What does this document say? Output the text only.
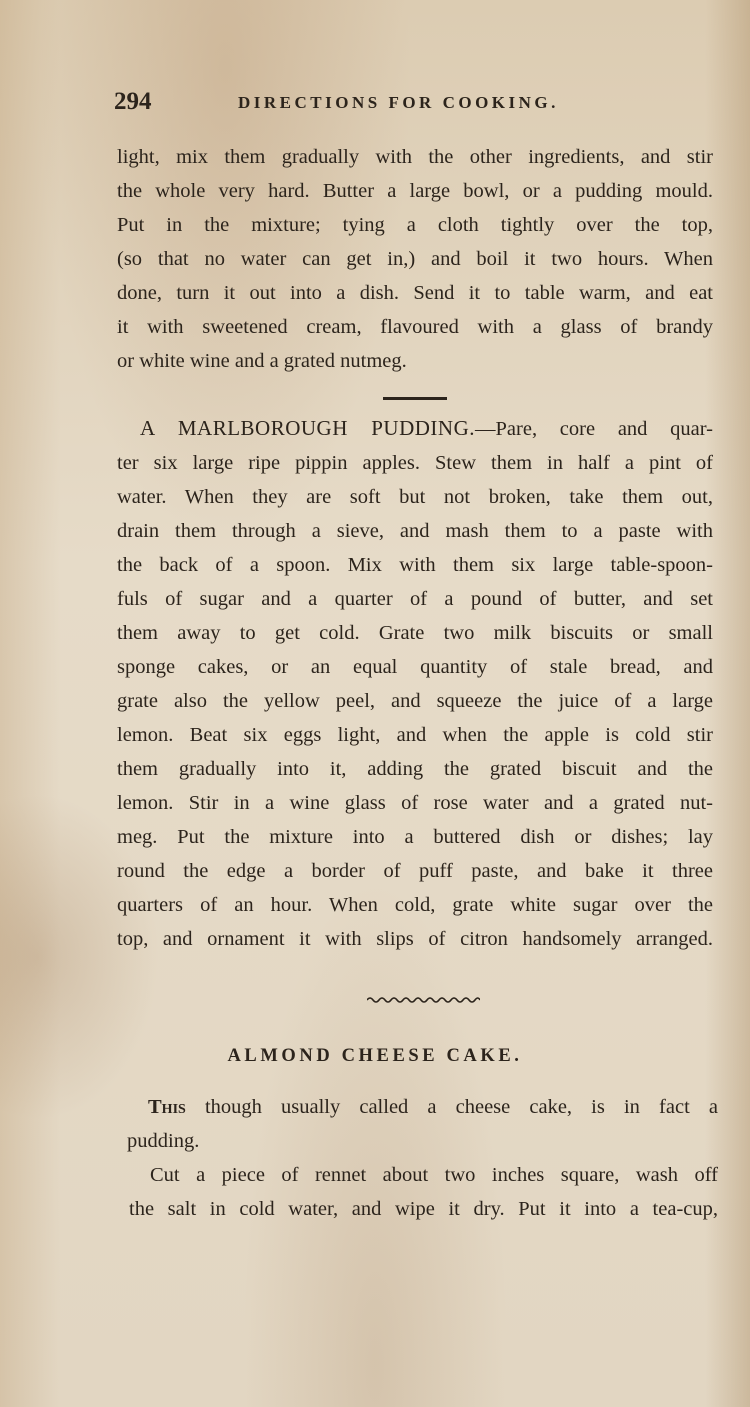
294	DIRECTIONS FOR COOKING.
light, mix them gradually with the other ingredients, and stir
the whole very hard. Butter a large bowl, or a pudding mould.
Put in the mixture; tying a cloth tightly over the top,
(so that no water can get in,) and boil it two hours. When
done, turn it out into a dish. Send it to table warm, and eat
it with sweetened cream, flavoured with a glass of brandy
or white wine and a grated nutmeg.
A MARLBOROUGH PUDDING.—Pare, core and quar-
ter six large ripe pippin apples. Stew them in half a pint of
water. When they are soft but not broken, take them out,
drain them through a sieve, and mash them to a paste with
the back of a spoon. Mix with them six large table-spoon-
fuls of sugar and a quarter of a pound of butter, and set
them away to get cold. Grate two milk biscuits or small
sponge cakes, or an equal quantity of stale bread, and
grate also the yellow peel, and squeeze the juice of a large
lemon. Beat six eggs light, and when the apple is cold stir
them gradually into it, adding the grated biscuit and the
lemon. Stir in a wine glass of rose water and a grated nut-
meg. Put the mixture into a buttered dish or dishes; lay
round the edge a border of puff paste, and bake it three
quarters of an hour. When cold, grate white sugar over the
top, and ornament it with slips of citron handsomely arranged.
ALMOND CHEESE CAKE.
This though usually called a cheese cake, is in fact a
pudding.
Cut a piece of rennet about two inches square, wash off
the salt in cold water, and wipe it dry. Put it into a tea-cup,
